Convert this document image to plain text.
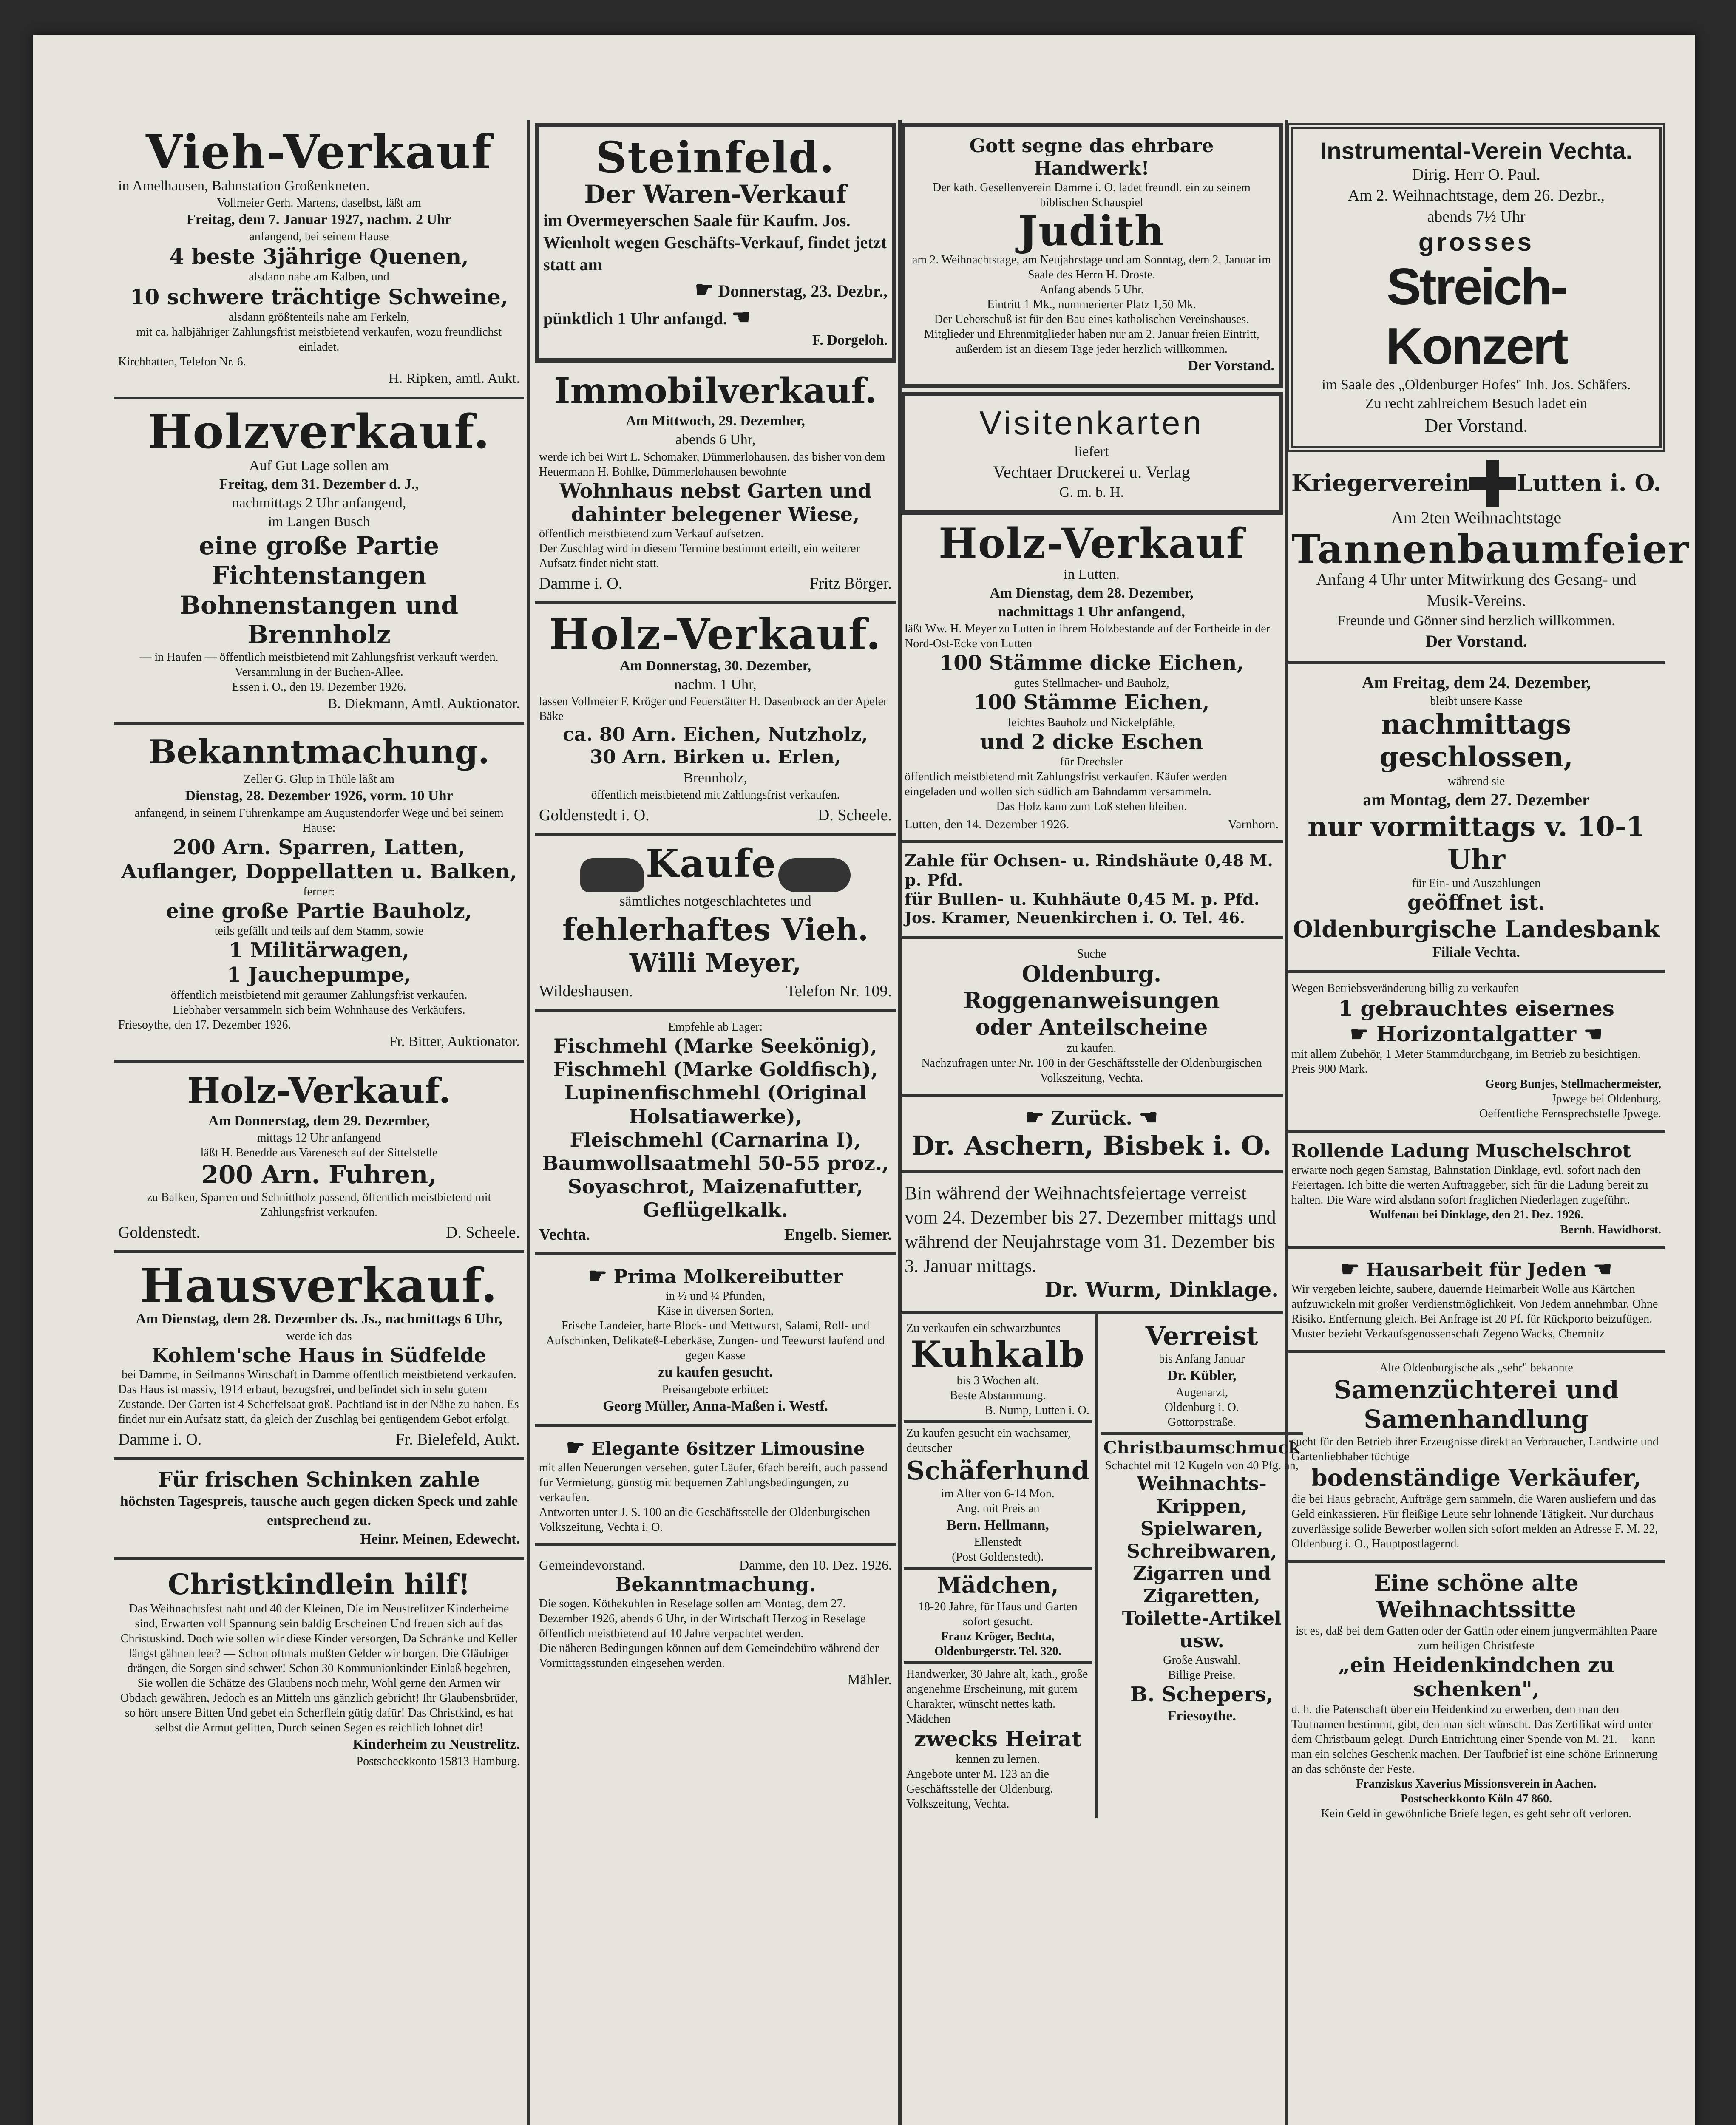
Vieh-Verkauf
in Amelhausen, Bahnstation Großenkneten.
Vollmeier Gerh. Martens, daselbst, läßt am
Freitag, dem 7. Januar 1927, nachm. 2 Uhr
anfangend, bei seinem Hause
4 beste 3jährige Quenen,
alsdann nahe am Kalben, und
10 schwere trächtige Schweine,
alsdann größtenteils nahe am Ferkeln,
mit ca. halbjähriger Zahlungsfrist meistbietend verkaufen, wozu freundlichst einladet.
Kirchhatten, Telefon Nr. 6.
H. Ripken, amtl. Aukt.
Holzverkauf.
Auf Gut Lage sollen am
Freitag, dem 31. Dezember d. J.,
nachmittags 2 Uhr anfangend,
im Langen Busch
eine große Partie Fichtenstangen
Bohnenstangen und Brennholz
— in Haufen — öffentlich meistbietend mit Zahlungsfrist verkauft werden.
Versammlung in der Buchen-Allee.
Essen i. O., den 19. Dezember 1926.
B. Diekmann, Amtl. Auktionator.
Bekanntmachung.
Zeller G. Glup in Thüle läßt am
Dienstag, 28. Dezember 1926, vorm. 10 Uhr
anfangend, in seinem Fuhrenkampe am Augustendorfer Wege und bei seinem Hause:
200 Arn. Sparren, Latten, Auflanger, Doppellatten u. Balken,
ferner:
eine große Partie Bauholz,
teils gefällt und teils auf dem Stamm, sowie
1 Militärwagen,
1 Jauchepumpe,
öffentlich meistbietend mit geraumer Zahlungsfrist verkaufen.
Liebhaber versammeln sich beim Wohnhause des Verkäufers.
Friesoythe, den 17. Dezember 1926.
Fr. Bitter, Auktionator.
Holz-Verkauf.
Am Donnerstag, dem 29. Dezember,
mittags 12 Uhr anfangend
läßt H. Benedde aus Varenesch auf der Sittelstelle
200 Arn. Fuhren,
zu Balken, Sparren und Schnittholz passend, öffentlich meistbietend mit Zahlungsfrist verkaufen.
Goldenstedt.	D. Scheele.
Hausverkauf.
Am Dienstag, dem 28. Dezember ds. Js., nachmittags 6 Uhr,
werde ich das
Kohlem'sche Haus in Südfelde
bei Damme, in Seilmanns Wirtschaft in Damme öffentlich meistbietend verkaufen.
Das Haus ist massiv, 1914 erbaut, bezugsfrei, und befindet sich in sehr gutem Zustande. Der Garten ist 4 Scheffelsaat groß. Pachtland ist in der Nähe zu haben. Es findet nur ein Aufsatz statt, da gleich der Zuschlag bei genügendem Gebot erfolgt.
Damme i. O.	Fr. Bielefeld, Aukt.
Für frischen Schinken zahle
höchsten Tagespreis, tausche auch gegen dicken Speck und zahle entsprechend zu.
Heinr. Meinen, Edewecht.
Christkindlein hilf!
Das Weihnachtsfest naht und 40 der Kleinen, Die im Neustrelitzer Kinderheime sind, Erwarten voll Spannung sein baldig Erscheinen Und freuen sich auf das Christuskind. Doch wie sollen wir diese Kinder versorgen, Da Schränke und Keller längst gähnen leer? — Schon oftmals mußten Gelder wir borgen. Die Gläubiger drängen, die Sorgen sind schwer! Schon 30 Kommunionkinder Einlaß begehren, Sie wollen die Schätze des Glaubens noch mehr, Wohl gerne den Armen wir Obdach gewähren, Jedoch es an Mitteln uns gänzlich gebricht! Ihr Glaubensbrüder, so hört unsere Bitten Und gebet ein Scherflein gütig dafür! Das Christkind, es hat selbst die Armut gelitten, Durch seinen Segen es reichlich lohnet dir!
Kinderheim zu Neustrelitz.
Postscheckkonto 15813 Hamburg.
Steinfeld.
Der Waren-Verkauf
im Overmeyerschen Saale für Kaufm. Jos. Wienholt wegen Geschäfts-Verkauf, findet jetzt statt am
☛ Donnerstag, 23. Dezbr.,
pünktlich 1 Uhr anfangd. ☚
F. Dorgeloh.
Immobilverkauf.
Am Mittwoch, 29. Dezember,
abends 6 Uhr,
werde ich bei Wirt L. Schomaker, Dümmerlohausen, das bisher von dem Heuermann H. Bohlke, Dümmerlohausen bewohnte
Wohnhaus nebst Garten und dahinter belegener Wiese,
öffentlich meistbietend zum Verkauf aufsetzen.
Der Zuschlag wird in diesem Termine bestimmt erteilt, ein weiterer Aufsatz findet nicht statt.
Damme i. O.	Fritz Börger.
Holz-Verkauf.
Am Donnerstag, 30. Dezember,
nachm. 1 Uhr,
lassen Vollmeier F. Kröger und Feuerstätter H. Dasenbrock an der Apeler Bäke
ca. 80 Arn. Eichen, Nutzholz,
30 Arn. Birken u. Erlen,
Brennholz,
öffentlich meistbietend mit Zahlungsfrist verkaufen.
Goldenstedt i. O.	D. Scheele.
Kaufe
sämtliches notgeschlachtetes und
fehlerhaftes Vieh.
Willi Meyer,
Wildeshausen.	Telefon Nr. 109.
Empfehle ab Lager:
Fischmehl (Marke Seekönig),
Fischmehl (Marke Goldfisch),
Lupinenfischmehl (Original Holsatiawerke),
Fleischmehl (Carnarina I),
Baumwollsaatmehl 50-55 proz.,
Soyaschrot, Maizenafutter,
Geflügelkalk.
Vechta.	Engelb. Siemer.
☛ Prima Molkereibutter
in ½ und ¼ Pfunden,
Käse in diversen Sorten,
Frische Landeier, harte Block- und Mettwurst, Salami, Roll- und Aufschinken, Delikateß-Leberkäse, Zungen- und Teewurst laufend und gegen Kasse
zu kaufen gesucht.
Preisangebote erbittet:
Georg Müller, Anna-Maßen i. Westf.
☛ Elegante 6sitzer Limousine
mit allen Neuerungen versehen, guter Läufer, 6fach bereift, auch passend für Vermietung, günstig mit bequemen Zahlungsbedingungen, zu verkaufen.
Antworten unter J. S. 100 an die Geschäftsstelle der Oldenburgischen Volkszeitung, Vechta i. O.
Gemeindevorstand.	Damme, den 10. Dez. 1926.
Bekanntmachung.
Die sogen. Köthekuhlen in Reselage sollen am Montag, dem 27. Dezember 1926, abends 6 Uhr, in der Wirtschaft Herzog in Reselage öffentlich meistbietend auf 10 Jahre verpachtet werden.
Die näheren Bedingungen können auf dem Gemeindebüro während der Vormittagsstunden eingesehen werden.
Mähler.
Gott segne das ehrbare Handwerk!
Der kath. Gesellenverein Damme i. O. ladet freundl. ein zu seinem biblischen Schauspiel
Judith
am 2. Weihnachtstage, am Neujahrstage und am Sonntag, dem 2. Januar im Saale des Herrn H. Droste.
Anfang abends 5 Uhr.
Eintritt 1 Mk., nummerierter Platz 1,50 Mk.
Der Ueberschuß ist für den Bau eines katholischen Vereinshauses.
Mitglieder und Ehrenmitglieder haben nur am 2. Januar freien Eintritt, außerdem ist an diesem Tage jeder herzlich willkommen.
Der Vorstand.
Visitenkarten
liefert
Vechtaer Druckerei u. Verlag
G. m. b. H.
Holz-Verkauf
in Lutten.
Am Dienstag, dem 28. Dezember,
nachmittags 1 Uhr anfangend,
läßt Ww. H. Meyer zu Lutten in ihrem Holzbestande auf der Fortheide in der Nord-Ost-Ecke von Lutten
100 Stämme dicke Eichen,
gutes Stellmacher- und Bauholz,
100 Stämme Eichen,
leichtes Bauholz und Nickelpfähle,
und 2 dicke Eschen
für Drechsler
öffentlich meistbietend mit Zahlungsfrist verkaufen. Käufer werden eingeladen und wollen sich südlich am Bahndamm versammeln.
Das Holz kann zum Loß stehen bleiben.
Lutten, den 14. Dezember 1926.	Varnhorn.
Zahle für Ochsen- u. Rindshäute 0,48 M. p. Pfd.
für Bullen- u. Kuhhäute 0,45 M. p. Pfd.
Jos. Kramer, Neuenkirchen i. O. Tel. 46.
Suche
Oldenburg. Roggenanweisungen
oder Anteilscheine
zu kaufen.
Nachzufragen unter Nr. 100 in der Geschäftsstelle der Oldenburgischen Volkszeitung, Vechta.
☛ Zurück. ☚
Dr. Aschern, Bisbek i. O.
Bin während der Weihnachtsfeiertage verreist vom 24. Dezember bis 27. Dezember mittags und während der Neujahrstage vom 31. Dezember bis 3. Januar mittags.
Dr. Wurm, Dinklage.
Zu verkaufen ein schwarzbuntes
Kuhkalb
bis 3 Wochen alt.
Beste Abstammung.
B. Nump, Lutten i. O.
Zu kaufen gesucht ein wachsamer, deutscher
Schäferhund
im Alter von 6-14 Mon.
Ang. mit Preis an
Bern. Hellmann,
Ellenstedt
(Post Goldenstedt).
Mädchen,
18-20 Jahre, für Haus und Garten sofort gesucht.
Franz Kröger, Bechta, Oldenburgerstr. Tel. 320.
Handwerker, 30 Jahre alt, kath., große angenehme Erscheinung, mit gutem Charakter, wünscht nettes kath. Mädchen
zwecks Heirat
kennen zu lernen.
Angebote unter M. 123 an die Geschäftsstelle der Oldenburg. Volkszeitung, Vechta.
Verreist
bis Anfang Januar
Dr. Kübler,
Augenarzt,
Oldenburg i. O.
Gottorpstraße.
Christbaumschmuck
Schachtel mit 12 Kugeln von 40 Pfg. an,
Weihnachts-Krippen,
Spielwaren,
Schreibwaren,
Zigarren und Zigaretten,
Toilette-Artikel usw.
Große Auswahl.
Billige Preise.
B. Schepers,
Friesoythe.
Instrumental-Verein Vechta.
Dirig. Herr O. Paul.
Am 2. Weihnachtstage, dem 26. Dezbr.,
abends 7½ Uhr
grosses
Streich-Konzert
im Saale des „Oldenburger Hofes" Inh. Jos. Schäfers.
Zu recht zahlreichem Besuch ladet ein
Der Vorstand.
Kriegerverein Lutten i. O.
Am 2ten Weihnachtstage
Tannenbaumfeier
Anfang 4 Uhr unter Mitwirkung des Gesang- und Musik-Vereins.
Freunde und Gönner sind herzlich willkommen.
Der Vorstand.
Am Freitag, dem 24. Dezember,
bleibt unsere Kasse
nachmittags geschlossen,
während sie
am Montag, dem 27. Dezember
nur vormittags v. 10-1 Uhr
für Ein- und Auszahlungen
geöffnet ist.
Oldenburgische Landesbank
Filiale Vechta.
Wegen Betriebsveränderung billig zu verkaufen
1 gebrauchtes eisernes
☛ Horizontalgatter ☚
mit allem Zubehör, 1 Meter Stammdurchgang, im Betrieb zu besichtigen. Preis 900 Mark.
Georg Bunjes, Stellmachermeister,
Jpwege bei Oldenburg.
Oeffentliche Fernsprechstelle Jpwege.
Rollende Ladung Muschelschrot
erwarte noch gegen Samstag, Bahnstation Dinklage, evtl. sofort nach den Feiertagen. Ich bitte die werten Auftraggeber, sich für die Ladung bereit zu halten. Die Ware wird alsdann sofort fraglichen Niederlagen zugeführt.
Wulfenau bei Dinklage, den 21. Dez. 1926.
Bernh. Hawidhorst.
☛ Hausarbeit für Jeden ☚
Wir vergeben leichte, saubere, dauernde Heimarbeit Wolle aus Kärtchen aufzuwickeln mit großer Verdienstmöglichkeit. Von Jedem annehmbar. Ohne Risiko. Entfernung gleich. Bei Anfrage ist 20 Pf. für Rückporto beizufügen. Muster bezieht Verkaufsgenossenschaft Zegeno Wacks, Chemnitz
Alte Oldenburgische als „sehr" bekannte
Samenzüchterei und Samenhandlung
sucht für den Betrieb ihrer Erzeugnisse direkt an Verbraucher, Landwirte und Gartenliebhaber tüchtige
bodenständige Verkäufer,
die bei Haus gebracht, Aufträge gern sammeln, die Waren ausliefern und das Geld einkassieren. Für fleißige Leute sehr lohnende Tätigkeit. Nur durchaus zuverlässige solide Bewerber wollen sich sofort melden an Adresse F. M. 22, Oldenburg i. O., Hauptpostlagernd.
Eine schöne alte Weihnachtssitte
ist es, daß bei dem Gatten oder der Gattin oder einem jungvermählten Paare zum heiligen Christfeste
„ein Heidenkindchen zu schenken",
d. h. die Patenschaft über ein Heidenkind zu erwerben, dem man den Taufnamen bestimmt, gibt, den man sich wünscht. Das Zertifikat wird unter dem Christbaum gelegt. Durch Entrichtung einer Spende von M. 21.— kann man ein solches Geschenk machen. Der Taufbrief ist eine schöne Erinnerung an das schönste der Feste.
Franziskus Xaverius Missionsverein in Aachen.
Postscheckkonto Köln 47 860.
Kein Geld in gewöhnliche Briefe legen, es geht sehr oft verloren.
